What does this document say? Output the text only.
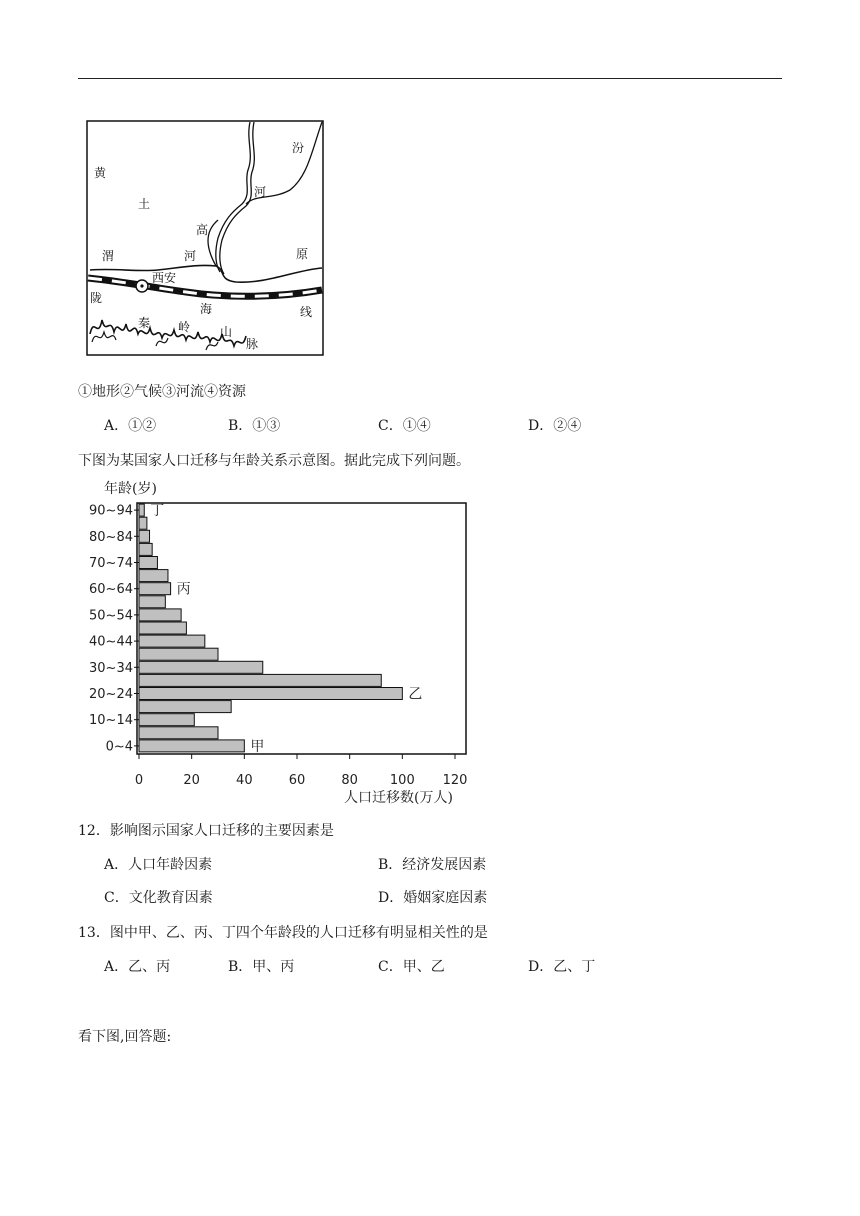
黄
土
高
原
渭	河
汾
河
西安
陇
海	线
秦 岭 山
脉
①地形②气候③河流④资源
A．①②	B．①③	C．①④	D．②④
下图为某国家人口迁移与年龄关系示意图。据此完成下列问题。
年龄(岁)
90~94
80~84
70~74
60~64
50~54
40~44
30~34
20~24
10~14
0~4
0	20	40	60	80 100 120
甲
乙
丙
丁
人口迁移数(万人)
12．影响图示国家人口迁移的主要因素是
A．人口年龄因素	B．经济发展因素
C．文化教育因素	D．婚姻家庭因素
13．图中甲、乙、丙、丁四个年龄段的人口迁移有明显相关性的是
A．乙、丙	B．甲、丙	C．甲、乙	D．乙、丁
看下图,回答题:
